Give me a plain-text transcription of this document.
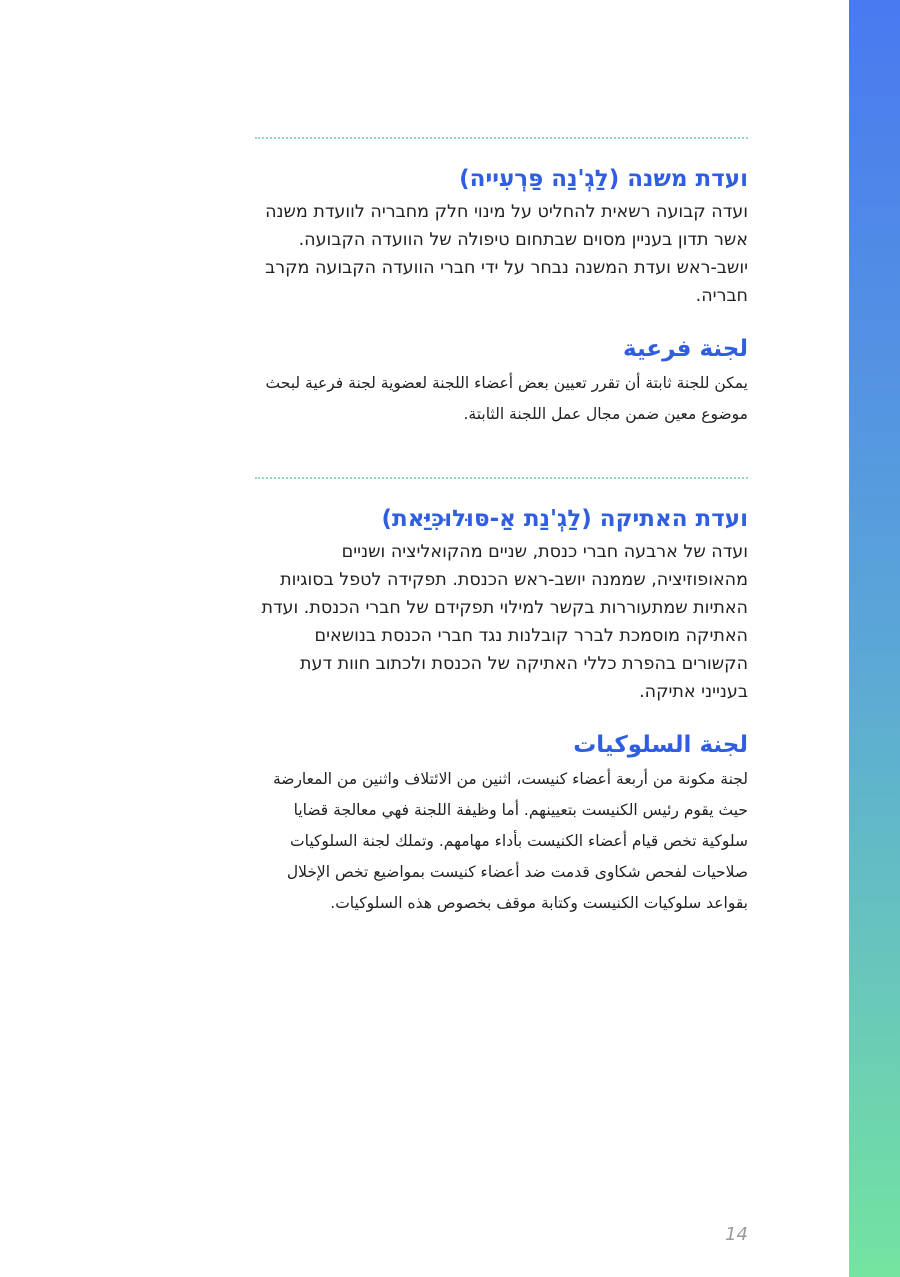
ועדת משנה (לַגְ'נַה פַּרְעִייה)

ועדה קבועה רשאית להחליט על מינוי חלק מחבריה לוועדת משנה אשר תדון בעניין מסוים שבתחום טיפולה של הוועדה הקבועה. יושב-ראש ועדת המשנה נבחר על ידי חברי הוועדה הקבועה מקרב חבריה.

لجنة فرعية

يمكن للجنة ثابتة أن تقرر تعيين بعض أعضاء اللجنة لعضوية لجنة فرعية لبحث موضوع معين ضمن مجال عمل اللجنة الثابتة.

ועדת האתיקה (לַגְ'נַת אַ-סּוּלוּכִּיַּאת)

ועדה של ארבעה חברי כנסת, שניים מהקואליציה ושניים מהאופוזיציה, שממנה יושב-ראש הכנסת. תפקידה לטפל בסוגיות האתיות שמתעוררות בקשר למילוי תפקידם של חברי הכנסת. ועדת האתיקה מוסמכת לברר קובלנות נגד חברי הכנסת בנושאים הקשורים בהפרת כללי האתיקה של הכנסת ולכתוב חוות דעת בענייני אתיקה.

لجنة السلوكيات

لجنة مكونة من أربعة أعضاء كنيست، اثنين من الائتلاف واثنين من المعارضة حيث يقوم رئيس الكنيست بتعيينهم. أما وظيفة اللجنة فهي معالجة قضايا سلوكية تخص قيام أعضاء الكنيست بأداء مهامهم. وتملك لجنة السلوكيات صلاحيات لفحص شكاوى قدمت ضد أعضاء كنيست بمواضيع تخص الإخلال بقواعد سلوكيات الكنيست وكتابة موقف بخصوص هذه السلوكيات.

14
